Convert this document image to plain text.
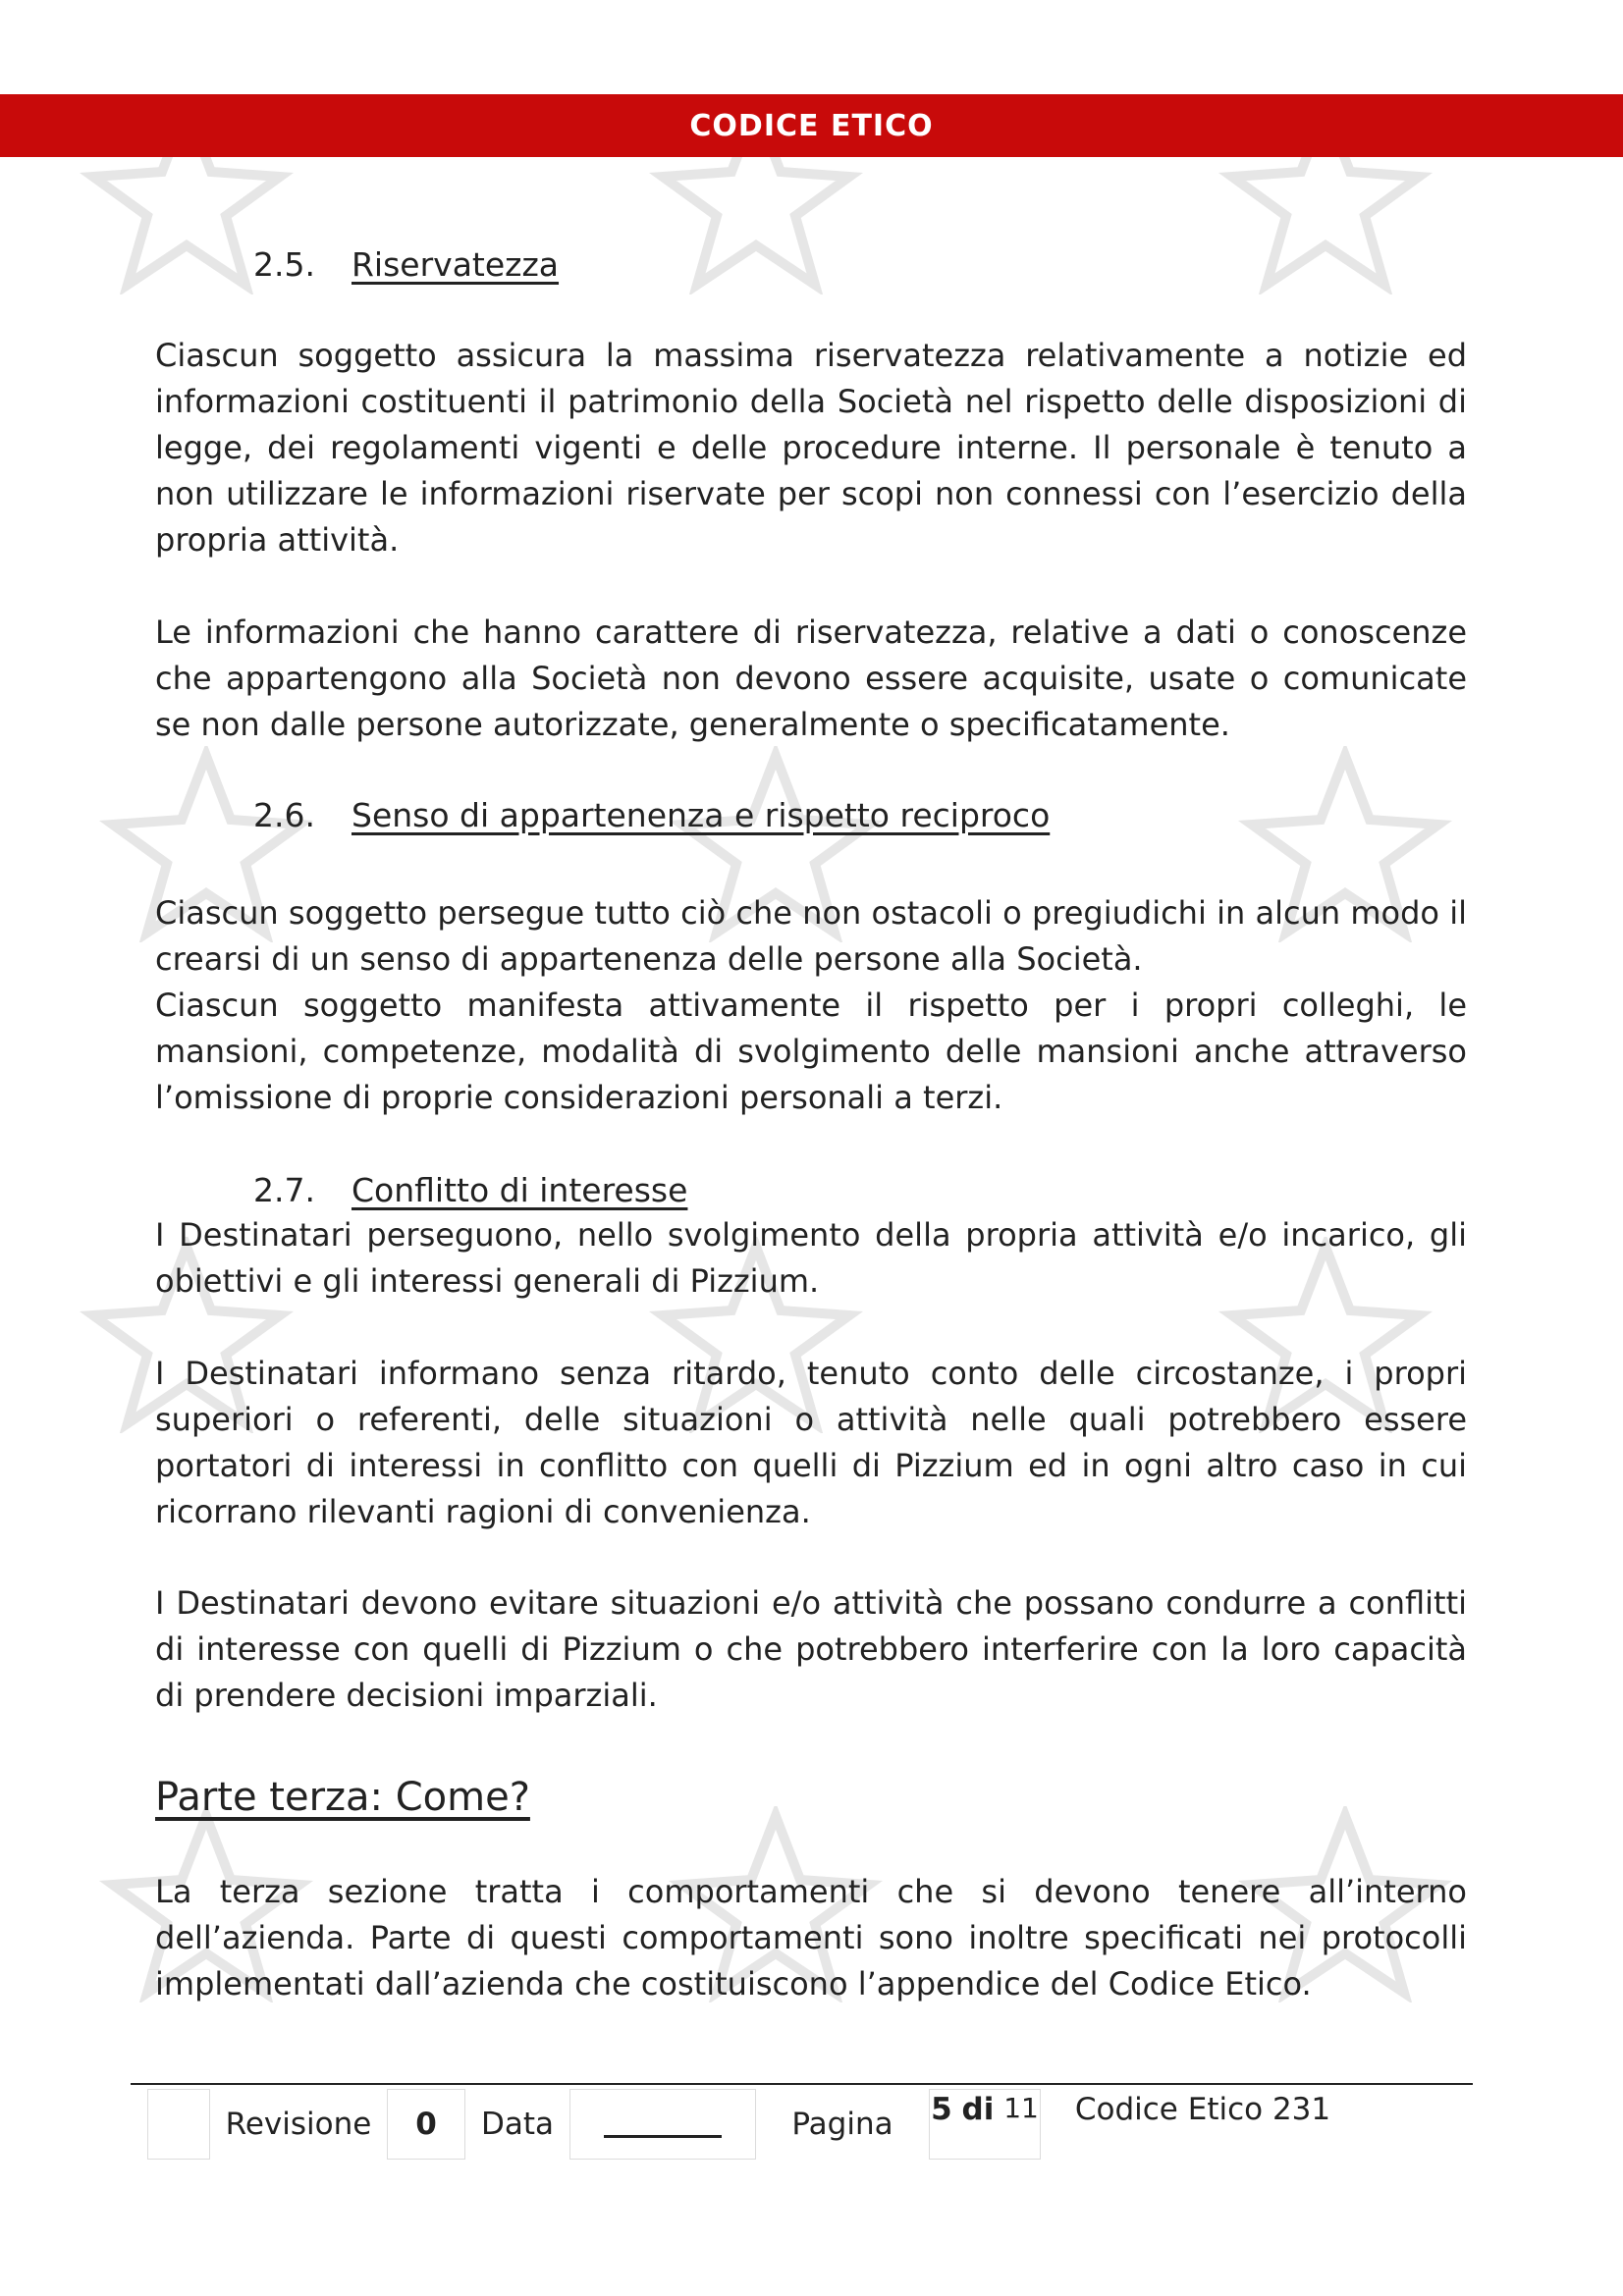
CODICE ETICO
2.5. Riservatezza

Ciascun soggetto assicura la massima riservatezza relativamente a notizie ed informazioni costituenti il patrimonio della Società nel rispetto delle disposizioni di legge, dei regolamenti vigenti e delle procedure interne. Il personale è tenuto a non utilizzare le informazioni riservate per scopi non connessi con l’esercizio della propria attività.

Le informazioni che hanno carattere di riservatezza, relative a dati o conoscenze che appartengono alla Società non devono essere acquisite, usate o comunicate se non dalle persone autorizzate, generalmente o specificatamente.

2.6. Senso di appartenenza e rispetto reciproco

Ciascun soggetto persegue tutto ciò che non ostacoli o pregiudichi in alcun modo il crearsi di un senso di appartenenza delle persone alla Società.

Ciascun soggetto manifesta attivamente il rispetto per i propri colleghi, le mansioni, competenze, modalità di svolgimento delle mansioni anche attraverso l’omissione di proprie considerazioni personali a terzi.

2.7. Conflitto di interesse

I Destinatari perseguono, nello svolgimento della propria attività e/o incarico, gli obiettivi e gli interessi generali di Pizzium.

I Destinatari informano senza ritardo, tenuto conto delle circostanze, i propri superiori o referenti, delle situazioni o attività nelle quali potrebbero essere portatori di interessi in conflitto con quelli di Pizzium ed in ogni altro caso in cui ricorrano rilevanti ragioni di convenienza.

I Destinatari devono evitare situazioni e/o attività che possano condurre a conflitti di interesse con quelli di Pizzium o che potrebbero interferire con la loro capacità di prendere decisioni imparziali.

Parte terza: Come?

La terza sezione tratta i comportamenti che si devono tenere all’interno dell’azienda. Parte di questi comportamenti sono inoltre specificati nei protocolli implementati dall’azienda che costituiscono l’appendice del Codice Etico.

Revisione	0	Data	Pagina	5
di
11	Codice Etico 231
